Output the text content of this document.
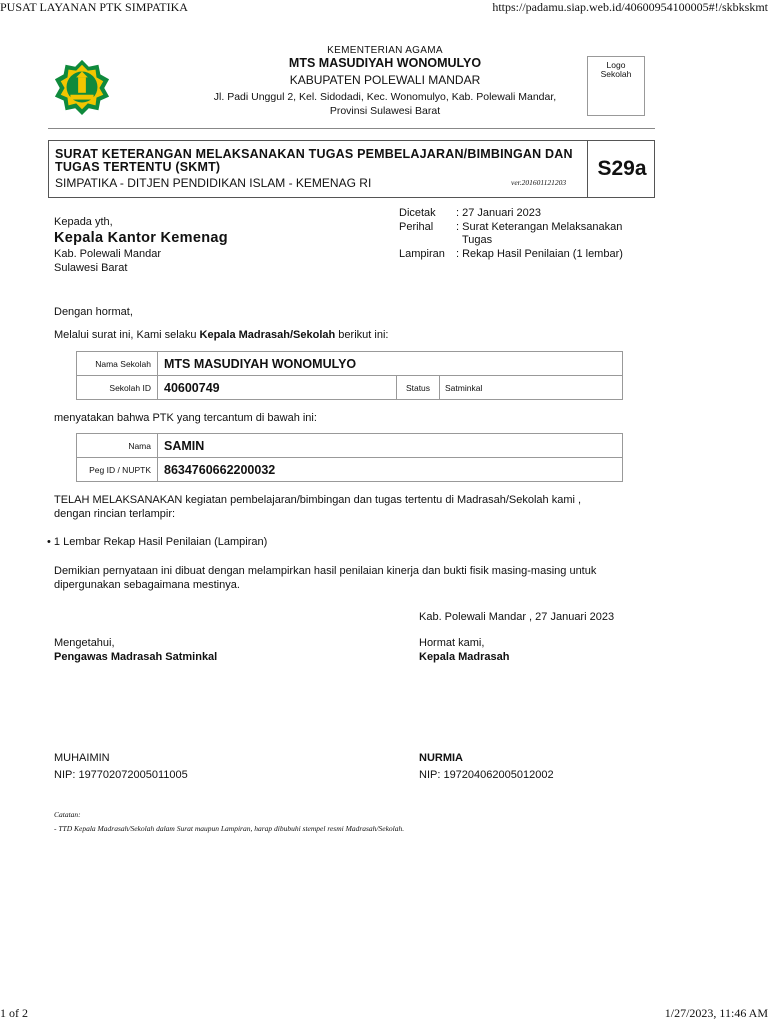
PUSAT LAYANAN PTK SIMPATIKA	https://padamu.siap.web.id/40600954100005#!/skbkskmt
KEMENTERIAN AGAMA
MTS MASUDIYAH WONOMULYO
KABUPATEN POLEWALI MANDAR
Jl. Padi Unggul 2, Kel. Sidodadi, Kec. Wonomulyo, Kab. Polewali Mandar,
Provinsi Sulawesi Barat
Logo
Sekolah
SURAT KETERANGAN MELAKSANAKAN TUGAS PEMBELAJARAN/BIMBINGAN DAN TUGAS TERTENTU (SKMT)
SIMPATIKA - DITJEN PENDIDIKAN ISLAM - KEMENAG RI	ver.201601121203
S29a
Kepada yth,
Kepala Kantor Kemenag
Kab. Polewali Mandar
Sulawesi Barat
Dicetak : 27 Januari 2023
Perihal : Surat Keterangan Melaksanakan
Tugas
Lampiran : Rekap Hasil Penilaian (1 lembar)
Dengan hormat,
Melalui surat ini, Kami selaku Kepala Madrasah/Sekolah berikut ini:
Nama Sekolah	MTS MASUDIYAH WONOMULYO		
Sekolah ID	40600749	Status	Satminkal
menyatakan bahwa PTK yang tercantum di bawah ini:
Nama	SAMIN
Peg ID / NUPTK	8634760662200032
TELAH MELAKSANAKAN kegiatan pembelajaran/bimbingan dan tugas tertentu di Madrasah/Sekolah kami ,
dengan rincian terlampir:
• 1 Lembar Rekap Hasil Penilaian (Lampiran)
Demikian pernyataan ini dibuat dengan melampirkan hasil penilaian kinerja dan bukti fisik masing-masing untuk
dipergunakan sebagaimana mestinya.
Kab. Polewali Mandar , 27 Januari 2023
Mengetahui,
Pengawas Madrasah Satminkal
Hormat kami,
Kepala Madrasah
MUHAIMIN
NIP: 197702072005011005
NURMIA
NIP: 197204062005012002
Catatan:
- TTD Kepala Madrasah/Sekolah dalam Surat maupun Lampiran, harap dibubuhi stempel resmi Madrasah/Sekolah.
1 of 2	1/27/2023, 11:46 AM
